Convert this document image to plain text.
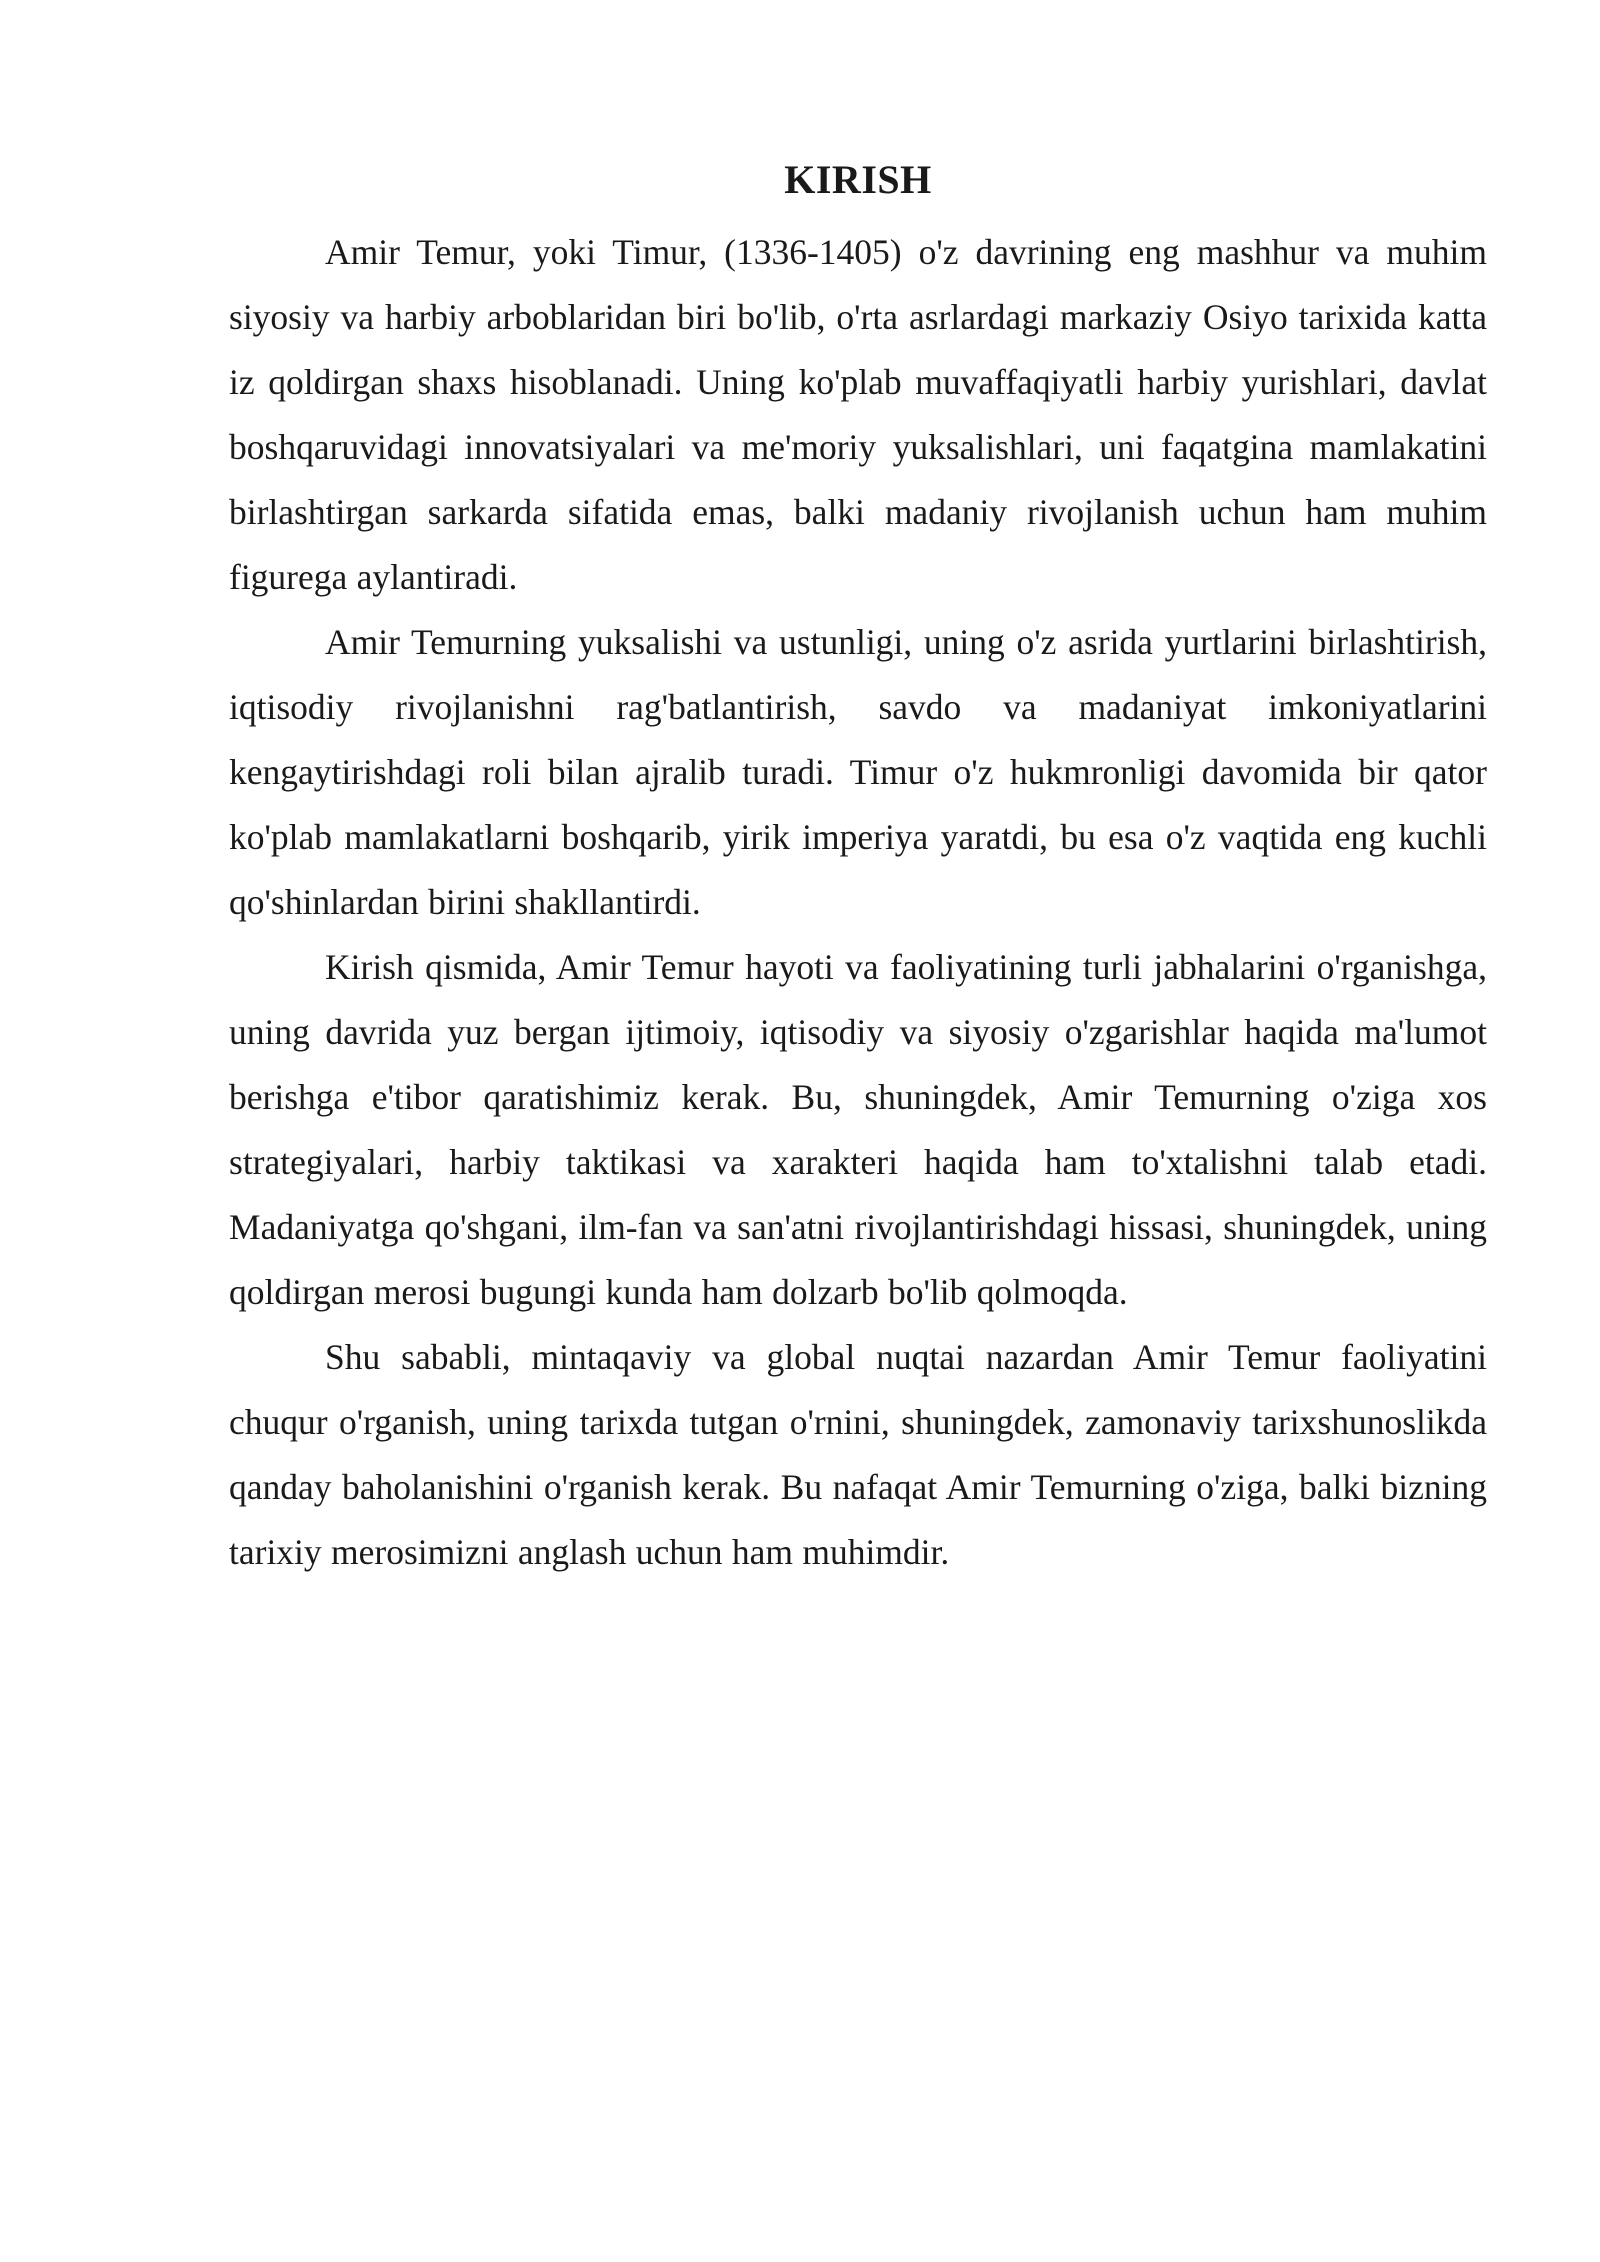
KIRISH

Amir Temur, yoki Timur, (1336-1405) o'z davrining eng mashhur va muhim siyosiy va harbiy arboblaridan biri bo'lib, o'rta asrlardagi markaziy Osiyo tarixida katta iz qoldirgan shaxs hisoblanadi. Uning ko'plab muvaffaqiyatli harbiy yurishlari, davlat boshqaruvidagi innovatsiyalari va me'moriy yuksalishlari, uni faqatgina mamlakatini birlashtirgan sarkarda sifatida emas, balki madaniy rivojlanish uchun ham muhim figurega aylantiradi.

Amir Temurning yuksalishi va ustunligi, uning o'z asrida yurtlarini birlashtirish, iqtisodiy rivojlanishni rag'batlantirish, savdo va madaniyat imkoniyatlarini kengaytirishdagi roli bilan ajralib turadi. Timur o'z hukmronligi davomida bir qator ko'plab mamlakatlarni boshqarib, yirik imperiya yaratdi, bu esa o'z vaqtida eng kuchli qo'shinlardan birini shakllantirdi.

Kirish qismida, Amir Temur hayoti va faoliyatining turli jabhalarini o'rganishga, uning davrida yuz bergan ijtimoiy, iqtisodiy va siyosiy o'zgarishlar haqida ma'lumot berishga e'tibor qaratishimiz kerak. Bu, shuningdek, Amir Temurning o'ziga xos strategiyalari, harbiy taktikasi va xarakteri haqida ham to'xtalishni talab etadi. Madaniyatga qo'shgani, ilm-fan va san'atni rivojlantirishdagi hissasi, shuningdek, uning qoldirgan merosi bugungi kunda ham dolzarb bo'lib qolmoqda.

Shu sababli, mintaqaviy va global nuqtai nazardan Amir Temur faoliyatini chuqur o'rganish, uning tarixda tutgan o'rnini, shuningdek, zamonaviy tarixshunoslikda qanday baholanishini o'rganish kerak. Bu nafaqat Amir Temurning o'ziga, balki bizning tarixiy merosimizni anglash uchun ham muhimdir.
